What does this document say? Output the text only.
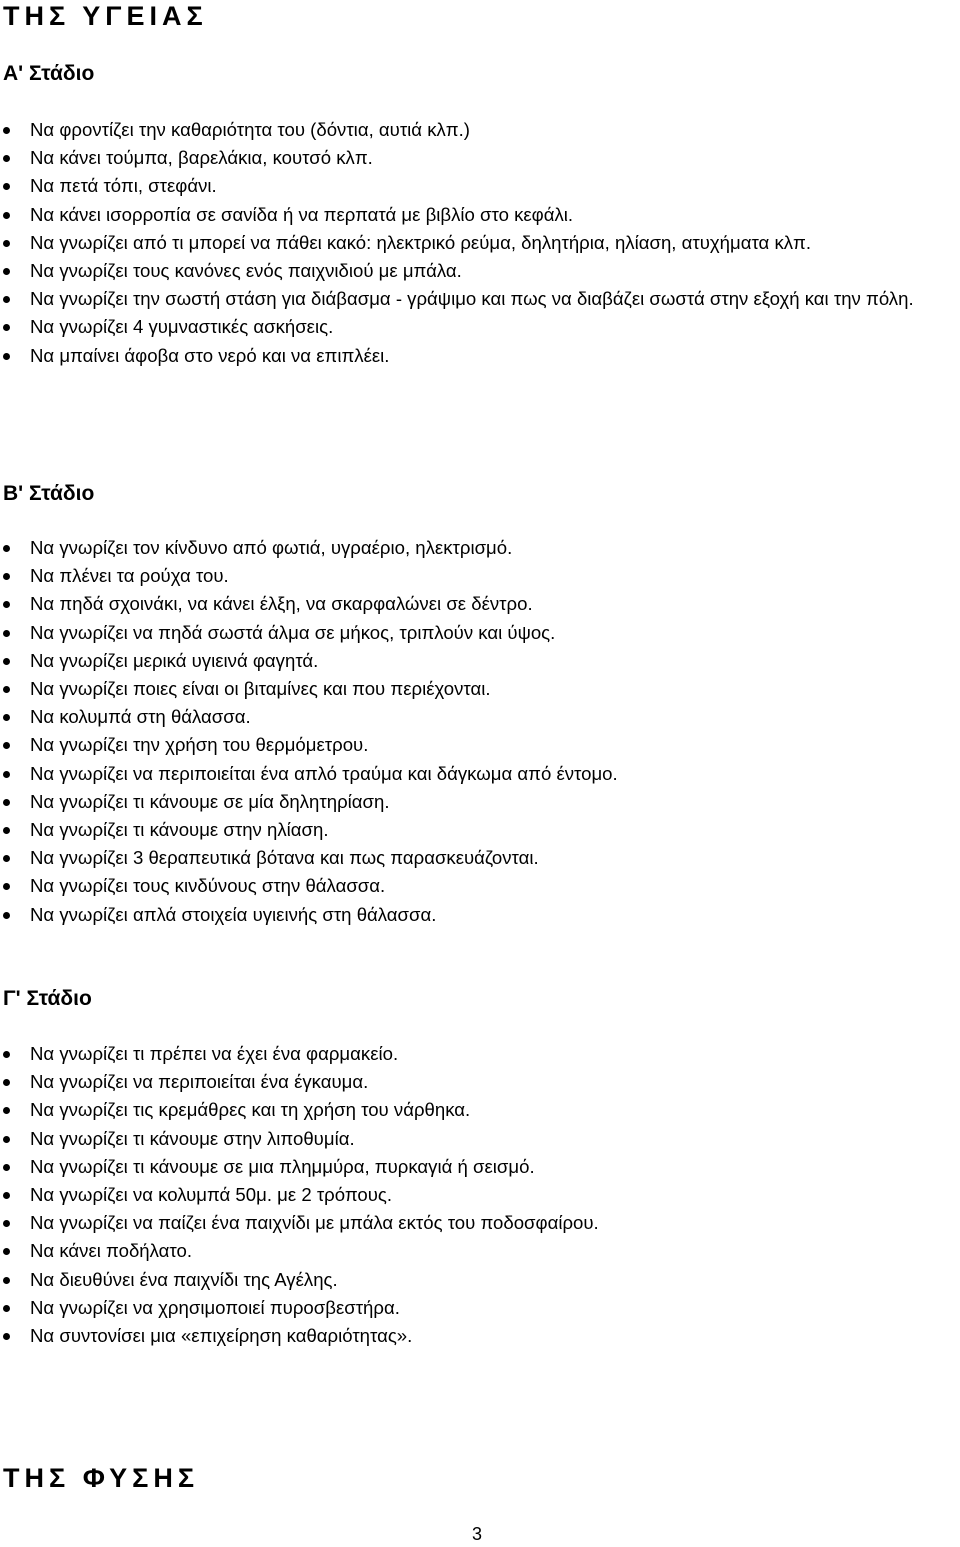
ΤΗΣ ΥΓΕΙΑΣ
Α' Στάδιο
Να φροντίζει την καθαριότητα του (δόντια, αυτιά κλπ.)
Να κάνει τούμπα, βαρελάκια, κουτσό κλπ.
Να πετά τόπι, στεφάνι.
Να κάνει ισορροπία σε σανίδα ή να περπατά με βιβλίο στο κεφάλι.
Να γνωρίζει από τι μπορεί να πάθει κακό: ηλεκτρικό ρεύμα, δηλητήρια, ηλίαση, ατυχήματα κλπ.
Να γνωρίζει τους κανόνες ενός παιχνιδιού με μπάλα.
Να γνωρίζει την σωστή στάση για διάβασμα - γράψιμο και πως να διαβάζει σωστά στην εξοχή και την πόλη.
Να γνωρίζει 4 γυμναστικές ασκήσεις.
Να μπαίνει άφοβα στο νερό και να επιπλέει.
Β' Στάδιο
Να γνωρίζει τον κίνδυνο από φωτιά, υγραέριο, ηλεκτρισμό.
Να πλένει τα ρούχα του.
Να πηδά σχοινάκι, να κάνει έλξη, να σκαρφαλώνει σε δέντρο.
Να γνωρίζει να πηδά σωστά άλμα σε μήκος, τριπλούν και ύψος.
Να γνωρίζει μερικά υγιεινά φαγητά.
Να γνωρίζει ποιες είναι οι βιταμίνες και που περιέχονται.
Να κολυμπά στη θάλασσα.
Να γνωρίζει την χρήση του θερμόμετρου.
Να γνωρίζει να περιποιείται ένα απλό τραύμα και δάγκωμα από έντομο.
Να γνωρίζει τι κάνουμε σε μία δηλητηρίαση.
Να γνωρίζει τι κάνουμε στην ηλίαση.
Να γνωρίζει 3 θεραπευτικά βότανα και πως παρασκευάζονται.
Να γνωρίζει τους κινδύνους στην θάλασσα.
Να γνωρίζει απλά στοιχεία υγιεινής στη θάλασσα.
Γ' Στάδιο
Να γνωρίζει τι πρέπει να έχει ένα φαρμακείο.
Να γνωρίζει να περιποιείται ένα έγκαυμα.
Να γνωρίζει τις κρεμάθρες και τη χρήση του νάρθηκα.
Να γνωρίζει τι κάνουμε στην λιποθυμία.
Να γνωρίζει τι κάνουμε σε μια πλημμύρα, πυρκαγιά ή σεισμό.
Να γνωρίζει να κολυμπά 50μ. με 2 τρόπους.
Να γνωρίζει να παίζει ένα παιχνίδι με μπάλα εκτός του ποδοσφαίρου.
Να κάνει ποδήλατο.
Να διευθύνει ένα παιχνίδι της Αγέλης.
Να γνωρίζει να χρησιμοποιεί πυροσβεστήρα.
Να συντονίσει μια «επιχείρηση καθαριότητας».
ΤΗΣ ΦΥΣΗΣ
3
